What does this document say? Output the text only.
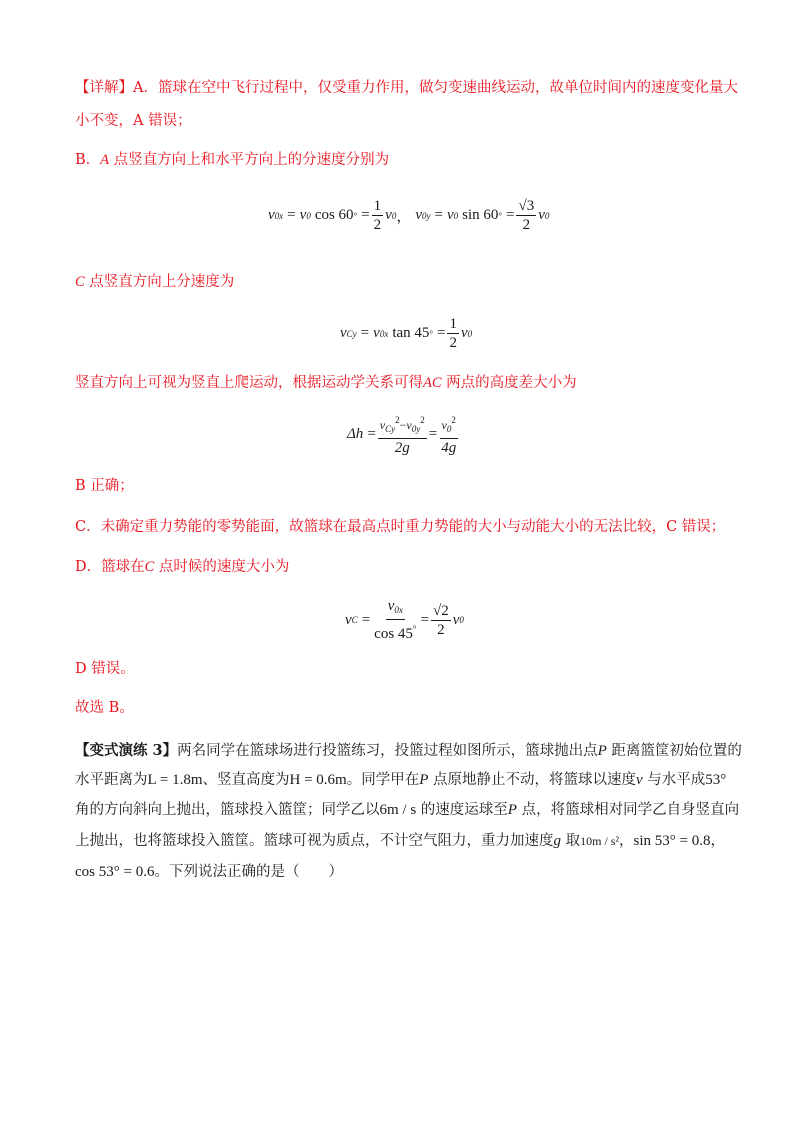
【详解】A．篮球在空中飞行过程中，仅受重力作用，做匀变速曲线运动，故单位时间内的速度变化量大
小不变，A 错误；
B．A 点竖直方向上和水平方向上的分速度分别为
v 0x = v 0 cos 60 ° = $\frac{1}{2}$ v 0 ， v 0y = v 0 sin 60 ° = $\frac{√3}{2}$ v 0
C 点竖直方向上分速度为
v Cy = v 0x tan 45 ° = $\frac{1}{2}$ v 0
竖直方向上可视为竖直上爬运动，根据运动学关系可得AC 两点的高度差大小为
$\Delta h = \frac{v_{Cy}^2-v_{0y}^2}{2g} = \frac{v_0^2}{4g}$
B 正确；
C．未确定重力势能的零势能面，故篮球在最高点时重力势能的大小与动能大小的无法比较，C 错误；
D．篮球在C 点时候的速度大小为
v $C = \frac{v_{0x}}{\cos 45^\circ} = \frac{√2}{2}$ v 0
D 错误。
故选 B。
【变式演练 3】两名同学在篮球场进行投篮练习，投篮过程如图所示，篮球抛出点P 距离篮筐初始位置的
水平距离为L = 1.8m、竖直高度为H = 0.6m。同学甲在P 点原地静止不动，将篮球以速度v 与水平成53°
角的方向斜向上抛出，篮球投入篮筐；同学乙以6m / s 的速度运球至P 点，将篮球相对同学乙自身竖直向
上抛出，也将篮球投入篮筐。篮球可视为质点，不计空气阻力，重力加速度g 取10m / s²，sin 53° = 0.8，
cos 53° = 0.6。下列说法正确的是（　　）
